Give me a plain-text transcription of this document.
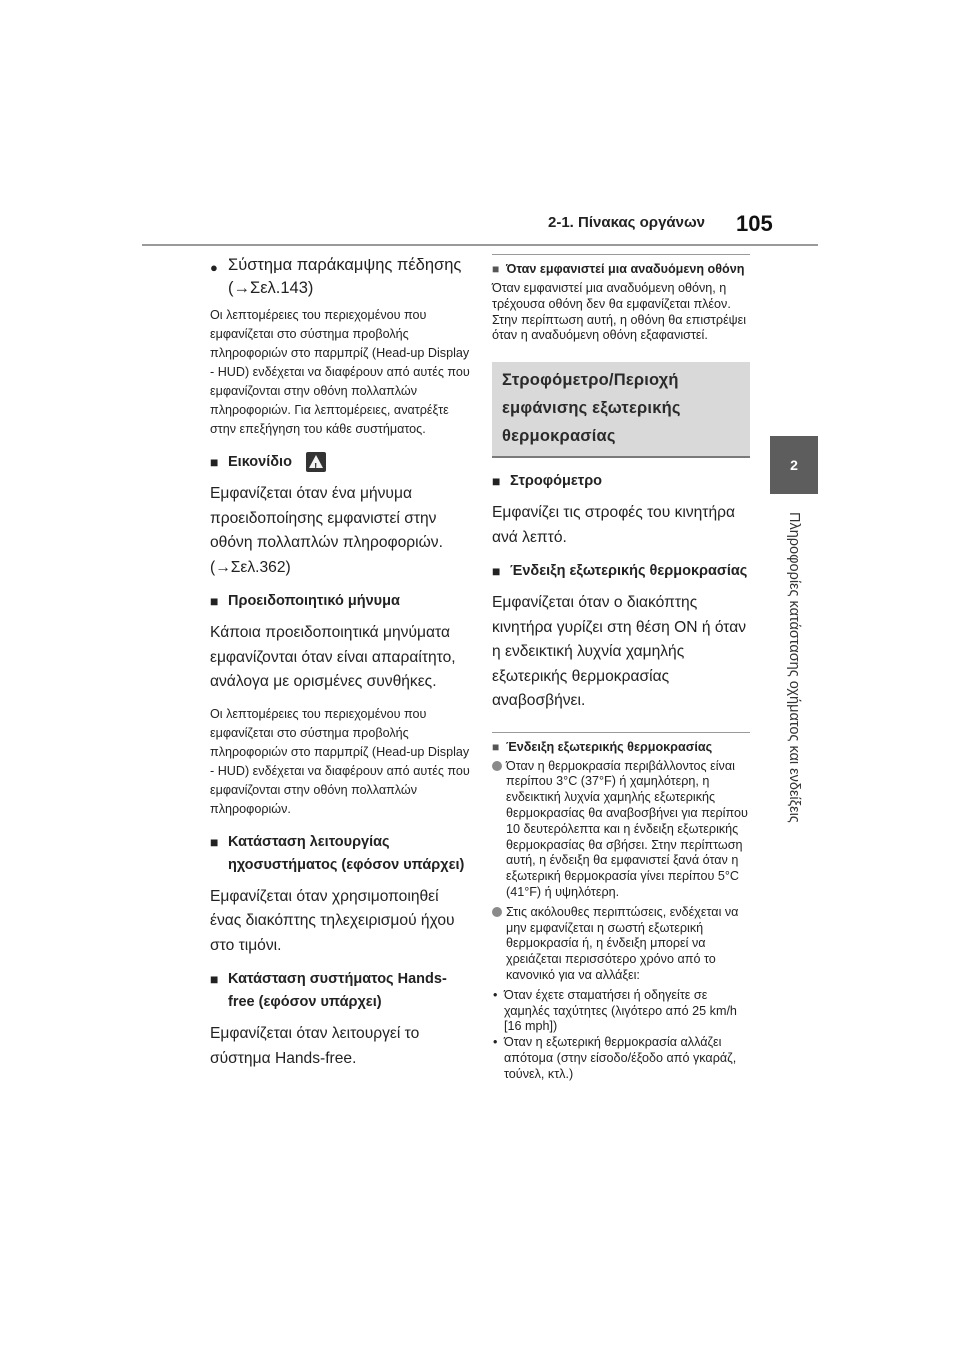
2-1. Πίνακας οργάνων 105
2
Πληροφορίες κατάστασης οχήματος και ενδείξεις
● Σύστημα παράκαμψης πέδησης (→Σελ.143)

Οι λεπτομέρειες του περιεχομένου που εμφανίζεται στο σύστημα προβολής πληροφοριών στο παρμπρίζ (Head-up Display - HUD) ενδέχεται να διαφέρουν από αυτές που εμφανίζονται στην οθόνη πολλαπλών πληροφοριών. Για λεπτομέρειες, ανατρέξτε στην επεξήγηση του κάθε συστήματος.

■ Εικονίδιο !

Εμφανίζεται όταν ένα μήνυμα προειδοποίησης εμφανιστεί στην οθόνη πολλαπλών πληροφοριών. (→Σελ.362)

■ Προειδοποιητικό μήνυμα

Κάποια προειδοποιητικά μηνύματα εμφανίζονται όταν είναι απαραίτητο, ανάλογα με ορισμένες συνθήκες.

Οι λεπτομέρειες του περιεχομένου που εμφανίζεται στο σύστημα προβολής πληροφοριών στο παρμπρίζ (Head-up Display - HUD) ενδέχεται να διαφέρουν από αυτές που εμφανίζονται στην οθόνη πολλαπλών πληροφοριών.

■ Κατάσταση λειτουργίας ηχοσυστήματος (εφόσον υπάρχει)

Εμφανίζεται όταν χρησιμοποιηθεί ένας διακόπτης τηλεχειρισμού ήχου στο τιμόνι.

■ Κατάσταση συστήματος Hands-free (εφόσον υπάρχει)

Εμφανίζεται όταν λειτουργεί το σύστημα Hands-free.

■ Όταν εμφανιστεί μια αναδυόμενη οθόνη

Όταν εμφανιστεί μια αναδυόμενη οθόνη, η τρέχουσα οθόνη δεν θα εμφανίζεται πλέον. Στην περίπτωση αυτή, η οθόνη θα επιστρέψει όταν η αναδυόμενη οθόνη εξαφανιστεί.

Στροφόμετρο/Περιοχή εμφάνισης εξωτερικής θερμοκρασίας
■ Στροφόμετρο

Εμφανίζει τις στροφές του κινητήρα ανά λεπτό.

■ Ένδειξη εξωτερικής θερμοκρασίας

Εμφανίζεται όταν ο διακόπτης κινητήρα γυρίζει στη θέση ON ή όταν η ενδεικτική λυχνία χαμηλής εξωτερικής θερμοκρασίας αναβοσβήνει.

■ Ένδειξη εξωτερικής θερμοκρασίας
Όταν η θερμοκρασία περιβάλλοντος είναι περίπου 3°C (37°F) ή χαμηλότερη, η ενδεικτική λυχνία χαμηλής εξωτερικής θερμοκρασίας θα αναβοσβήνει για περίπου 10 δευτερόλεπτα και η ένδειξη εξωτερικής θερμοκρασίας θα σβήσει. Στην περίπτωση αυτή, η ένδειξη θα εμφανιστεί ξανά όταν η εξωτερική θερμοκρασία γίνει περίπου 5°C (41°F) ή υψηλότερη.
Στις ακόλουθες περιπτώσεις, ενδέχεται να μην εμφανίζεται η σωστή εξωτερική θερμοκρασία ή, η ένδειξη μπορεί να χρειάζεται περισσότερο χρόνο από το κανονικό για να αλλάξει:
• Όταν έχετε σταματήσει ή οδηγείτε σε χαμηλές ταχύτητες (λιγότερο από 25 km/h [16 mph])
• Όταν η εξωτερική θερμοκρασία αλλάζει απότομα (στην είσοδο/έξοδο από γκαράζ, τούνελ, κτλ.)
